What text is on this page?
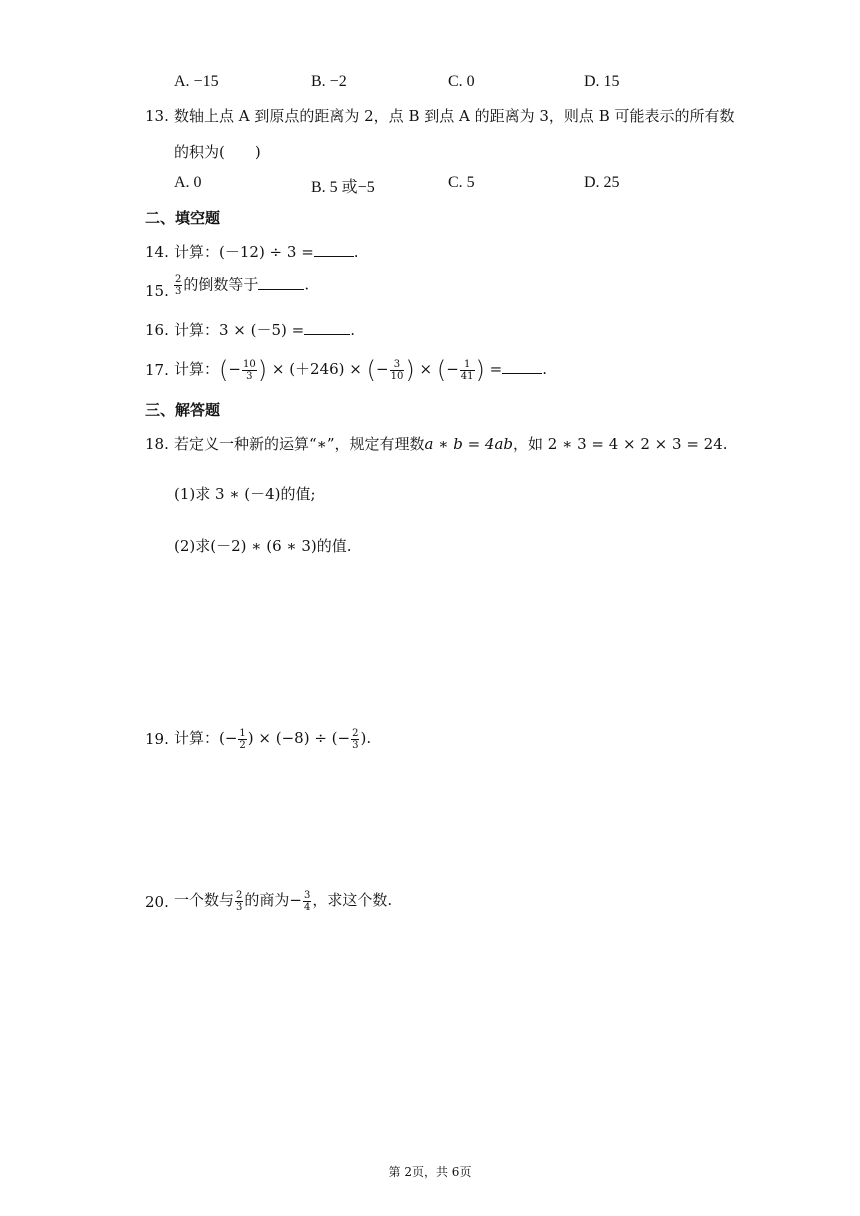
A. −15	B. −2	C. 0	D. 15
13. 数轴上点 A 到原点的距离为 2，点 B 到点 A 的距离为 3，则点 B 可能表示的所有数
的积为(　　)
A. 0	B. 5 或−5	C. 5	D. 25
二、填空题
14. 计算：(－12) ÷ 3 =	.
15. $\frac{2}{3}$ 的倒数等于	.
16. 计算：3 × (－5) =	.
17. 计算：(− $\frac{10}{3}$ ) × (＋246) × (− $\frac{3}{10}$ ) × (− $\frac{1}{41}$ ) =	.
三、解答题
18. 若定义一种新的运算“∗”，规定有理数a ∗ b = 4ab，如 2 ∗ 3 = 4 × 2 × 3 = 24.
(1)求 3 ∗ (－4)的值;
(2)求(－2) ∗ (6 ∗ 3)的值.
19. 计算：(− $\frac{1}{2}$ ) × (−8) ÷ (− $\frac{2}{3}$ ).
20. 一个数与 $\frac{2}{3}$ 的商为− $\frac{3}{4}$ ，求这个数.
第 2页，共 6页
